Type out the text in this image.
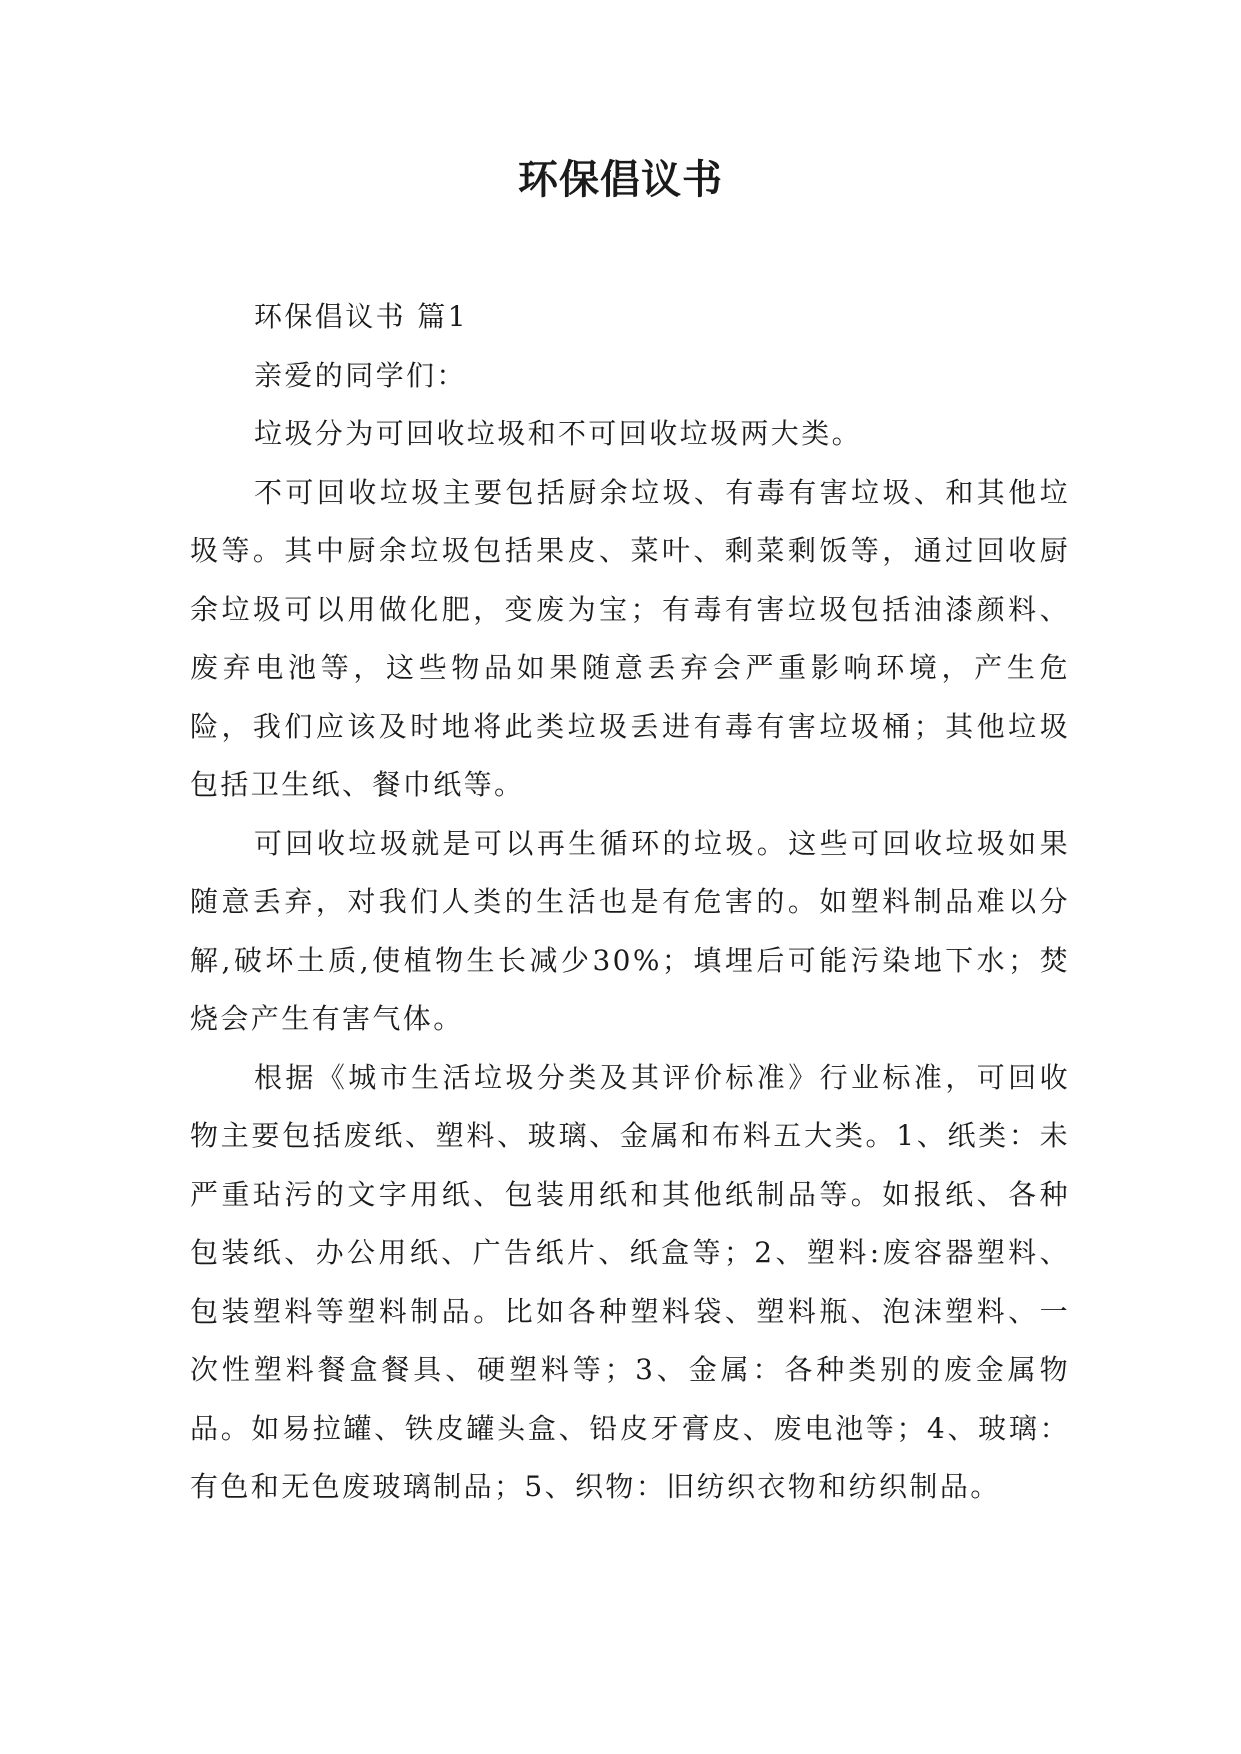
环保倡议书

环保倡议书 篇1

亲爱的同学们：

垃圾分为可回收垃圾和不可回收垃圾两大类。

不可回收垃圾主要包括厨余垃圾、有毒有害垃圾、和其他垃圾等。其中厨余垃圾包括果皮、菜叶、剩菜剩饭等，通过回收厨余垃圾可以用做化肥，变废为宝；有毒有害垃圾包括油漆颜料、废弃电池等，这些物品如果随意丢弃会严重影响环境，产生危险，我们应该及时地将此类垃圾丢进有毒有害垃圾桶；其他垃圾包括卫生纸、餐巾纸等。

可回收垃圾就是可以再生循环的垃圾。这些可回收垃圾如果随意丢弃，对我们人类的生活也是有危害的。如塑料制品难以分解,破坏土质,使植物生长减少30%；填埋后可能污染地下水；焚烧会产生有害气体。

根据《城市生活垃圾分类及其评价标准》行业标准，可回收物主要包括废纸、塑料、玻璃、金属和布料五大类。1、纸类：未严重玷污的文字用纸、包装用纸和其他纸制品等。如报纸、各种包装纸、办公用纸、广告纸片、纸盒等；2、塑料:废容器塑料、包装塑料等塑料制品。比如各种塑料袋、塑料瓶、泡沫塑料、一次性塑料餐盒餐具、硬塑料等；3、金属：各种类别的废金属物品。如易拉罐、铁皮罐头盒、铅皮牙膏皮、废电池等；4、玻璃：有色和无色废玻璃制品；5、织物：旧纺织衣物和纺织制品。
